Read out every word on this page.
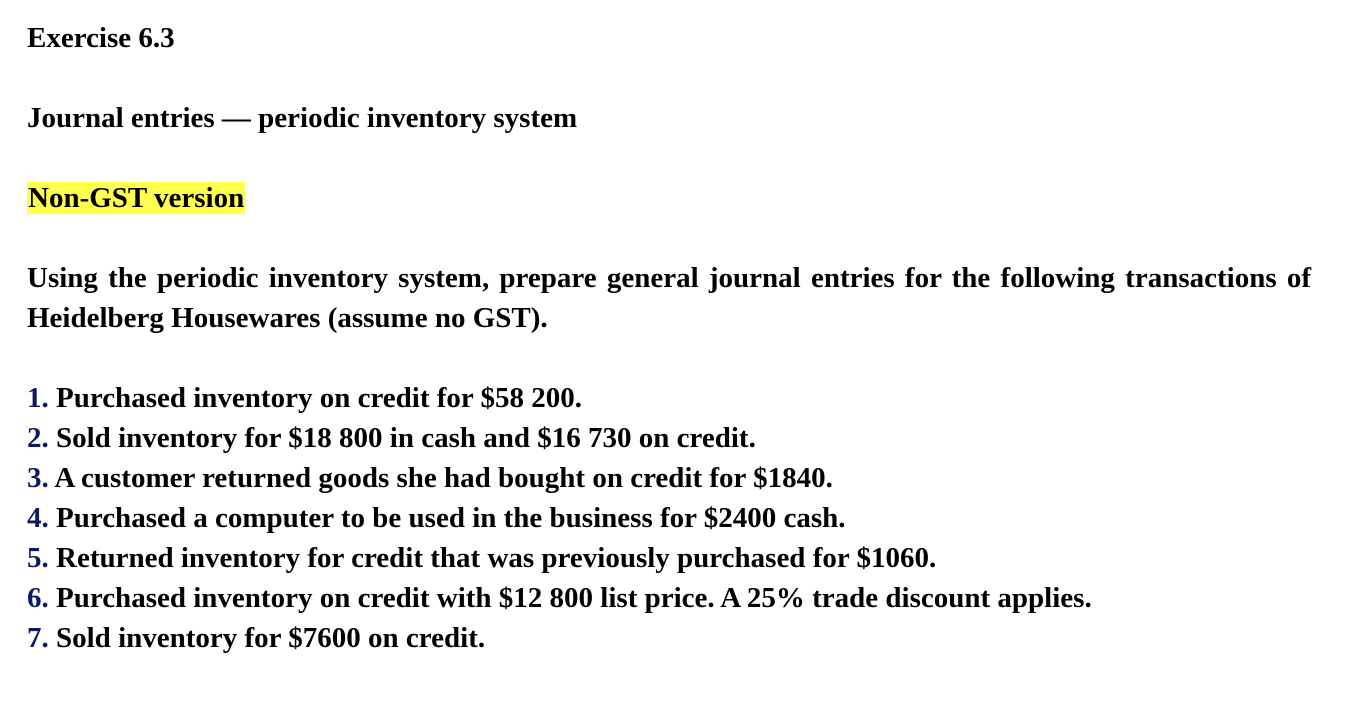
Exercise 6.3

Journal entries — periodic inventory system

Non-GST version

Using the periodic inventory system, prepare general journal entries for the following transactions of Heidelberg Housewares (assume no GST).

1. Purchased inventory on credit for $58 200.
2. Sold inventory for $18 800 in cash and $16 730 on credit.
3. A customer returned goods she had bought on credit for $1840.
4. Purchased a computer to be used in the business for $2400 cash.
5. Returned inventory for credit that was previously purchased for $1060.
6. Purchased inventory on credit with $12 800 list price. A 25% trade discount applies.
7. Sold inventory for $7600 on credit.
